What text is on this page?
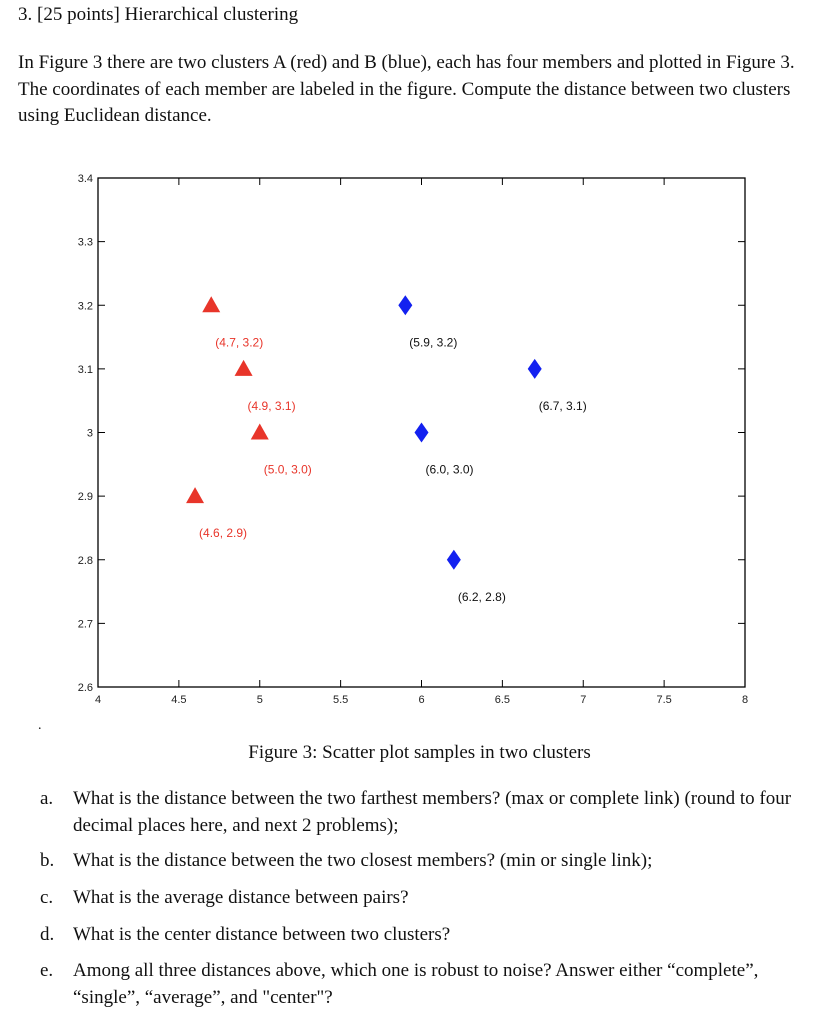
3. [25 points] Hierarchical clustering

In Figure 3 there are two clusters A (red) and B (blue), each has four members and plotted in Figure 3. The coordinates of each member are labeled in the figure. Compute the distance between two clusters using Euclidean distance.

4	4.5	5	5.5	6	6.5	7	7.5	8
2.6
2.7
2.8
2.9
3
3.1
3.2
3.3
3.4
(4.7, 3.2)
(4.9, 3.1)
(5.0, 3.0)
(4.6, 2.9)
(5.9, 3.2)
(6.7, 3.1)
(6.0, 3.0)
(6.2, 2.8)
.
Figure 3: Scatter plot samples in two clusters
a.	What is the distance between the two farthest members? (max or complete link) (round to four decimal places here, and next 2 problems);
b. What is the distance between the two closest members? (min or single link);
c.	What is the average distance between pairs?
d. What is the center distance between two clusters?
e.	Among all three distances above, which one is robust to noise? Answer either “complete”, “single”, “average”, and "center"?
